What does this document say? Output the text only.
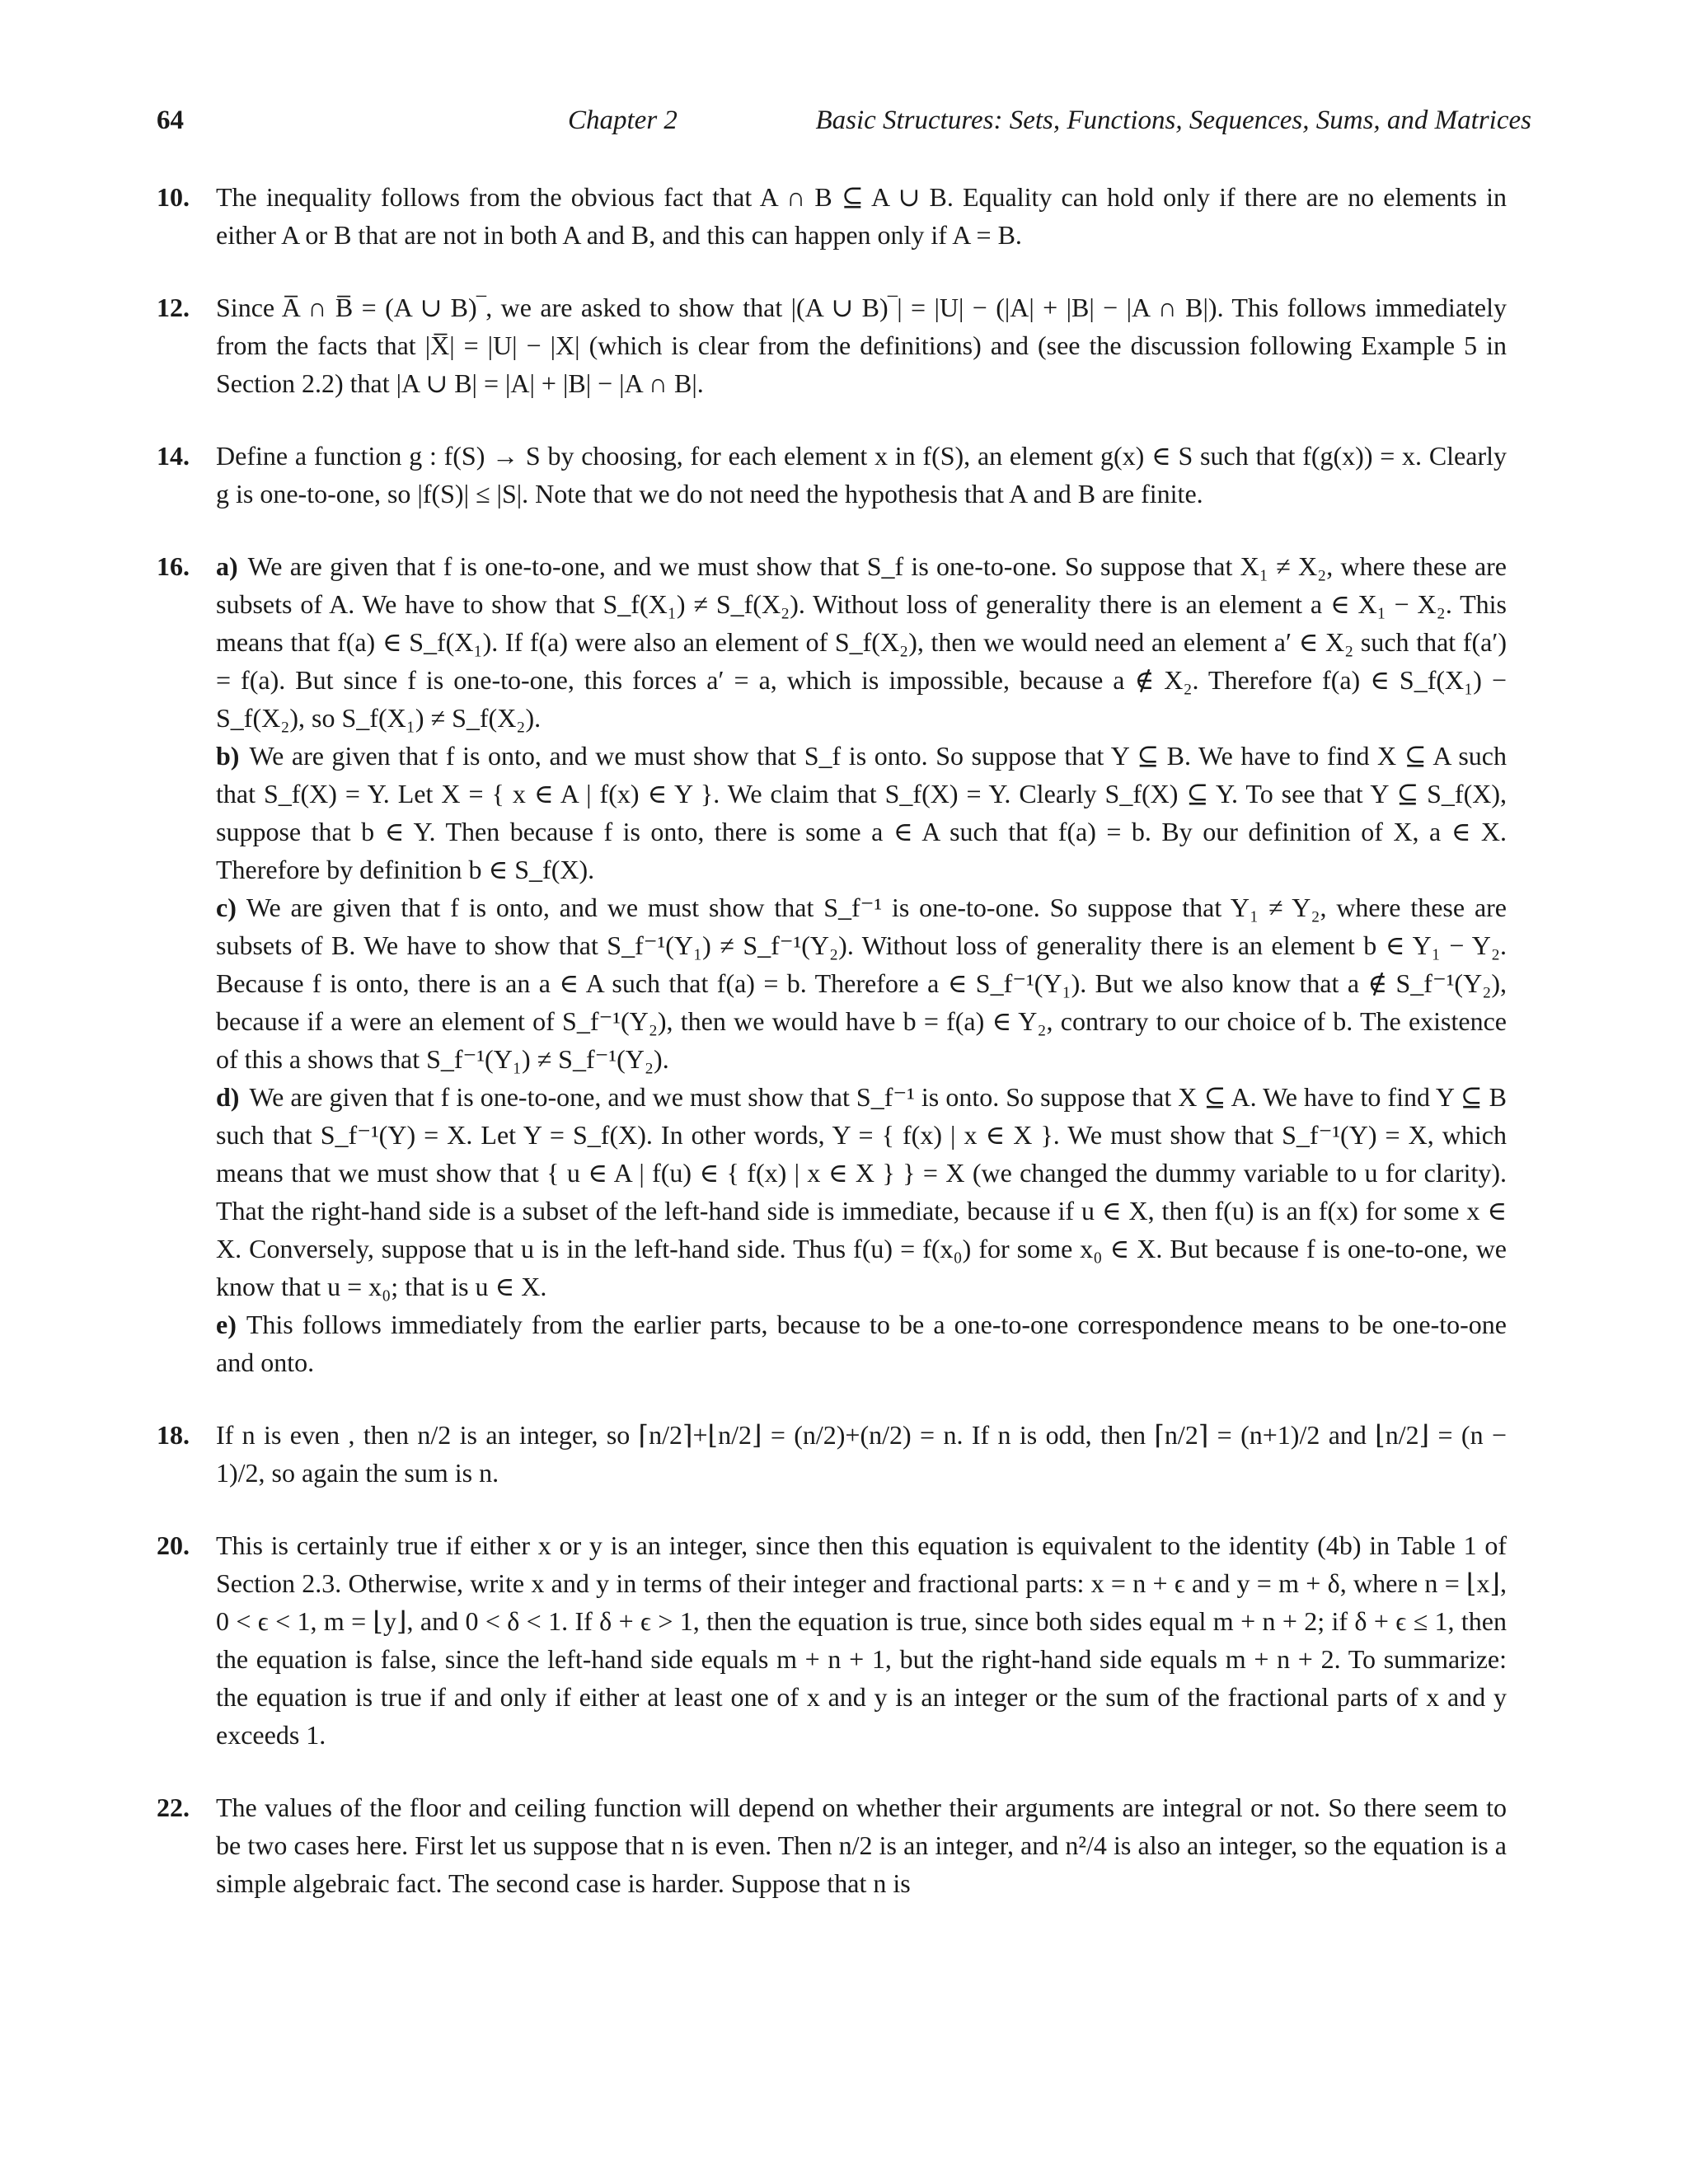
64	Chapter 2	Basic Structures: Sets, Functions, Sequences, Sums, and Matrices
10. The inequality follows from the obvious fact that A ∩ B ⊆ A ∪ B. Equality can hold only if there are no elements in either A or B that are not in both A and B, and this can happen only if A = B.
12. Since A̅ ∩ B̅ = (A ∪ B)‾, we are asked to show that |(A ∪ B)‾| = |U| − (|A| + |B| − |A ∩ B|). This follows immediately from the facts that |X̅| = |U| − |X| (which is clear from the definitions) and (see the discussion following Example 5 in Section 2.2) that |A ∪ B| = |A| + |B| − |A ∩ B|.
14. Define a function g : f(S) → S by choosing, for each element x in f(S), an element g(x) ∈ S such that f(g(x)) = x. Clearly g is one-to-one, so |f(S)| ≤ |S|. Note that we do not need the hypothesis that A and B are finite.
16. a) We are given that f is one-to-one, and we must show that S_f is one-to-one. So suppose that X₁ ≠ X₂, where these are subsets of A. We have to show that S_f(X₁) ≠ S_f(X₂). Without loss of generality there is an element a ∈ X₁ − X₂. This means that f(a) ∈ S_f(X₁). If f(a) were also an element of S_f(X₂), then we would need an element a′ ∈ X₂ such that f(a′) = f(a). But since f is one-to-one, this forces a′ = a, which is impossible, because a ∉ X₂. Therefore f(a) ∈ S_f(X₁) − S_f(X₂), so S_f(X₁) ≠ S_f(X₂).
b) We are given that f is onto, and we must show that S_f is onto. So suppose that Y ⊆ B. We have to find X ⊆ A such that S_f(X) = Y. Let X = { x ∈ A | f(x) ∈ Y }. We claim that S_f(X) = Y. Clearly S_f(X) ⊆ Y. To see that Y ⊆ S_f(X), suppose that b ∈ Y. Then because f is onto, there is some a ∈ A such that f(a) = b. By our definition of X, a ∈ X. Therefore by definition b ∈ S_f(X).
c) We are given that f is onto, and we must show that S_f⁻¹ is one-to-one. So suppose that Y₁ ≠ Y₂, where these are subsets of B. We have to show that S_f⁻¹(Y₁) ≠ S_f⁻¹(Y₂). Without loss of generality there is an element b ∈ Y₁ − Y₂. Because f is onto, there is an a ∈ A such that f(a) = b. Therefore a ∈ S_f⁻¹(Y₁). But we also know that a ∉ S_f⁻¹(Y₂), because if a were an element of S_f⁻¹(Y₂), then we would have b = f(a) ∈ Y₂, contrary to our choice of b. The existence of this a shows that S_f⁻¹(Y₁) ≠ S_f⁻¹(Y₂).
d) We are given that f is one-to-one, and we must show that S_f⁻¹ is onto. So suppose that X ⊆ A. We have to find Y ⊆ B such that S_f⁻¹(Y) = X. Let Y = S_f(X). In other words, Y = { f(x) | x ∈ X }. We must show that S_f⁻¹(Y) = X, which means that we must show that { u ∈ A | f(u) ∈ { f(x) | x ∈ X } } = X (we changed the dummy variable to u for clarity). That the right-hand side is a subset of the left-hand side is immediate, because if u ∈ X, then f(u) is an f(x) for some x ∈ X. Conversely, suppose that u is in the left-hand side. Thus f(u) = f(x₀) for some x₀ ∈ X. But because f is one-to-one, we know that u = x₀; that is u ∈ X.
e) This follows immediately from the earlier parts, because to be a one-to-one correspondence means to be one-to-one and onto.
18. If n is even , then n/2 is an integer, so ⌈n/2⌉+⌊n/2⌋ = (n/2)+(n/2) = n. If n is odd, then ⌈n/2⌉ = (n+1)/2 and ⌊n/2⌋ = (n − 1)/2, so again the sum is n.
20. This is certainly true if either x or y is an integer, since then this equation is equivalent to the identity (4b) in Table 1 of Section 2.3. Otherwise, write x and y in terms of their integer and fractional parts: x = n + ϵ and y = m + δ, where n = ⌊x⌋, 0 < ϵ < 1, m = ⌊y⌋, and 0 < δ < 1. If δ + ϵ > 1, then the equation is true, since both sides equal m + n + 2; if δ + ϵ ≤ 1, then the equation is false, since the left-hand side equals m + n + 1, but the right-hand side equals m + n + 2. To summarize: the equation is true if and only if either at least one of x and y is an integer or the sum of the fractional parts of x and y exceeds 1.
22. The values of the floor and ceiling function will depend on whether their arguments are integral or not. So there seem to be two cases here. First let us suppose that n is even. Then n/2 is an integer, and n²/4 is also an integer, so the equation is a simple algebraic fact. The second case is harder. Suppose that n is
